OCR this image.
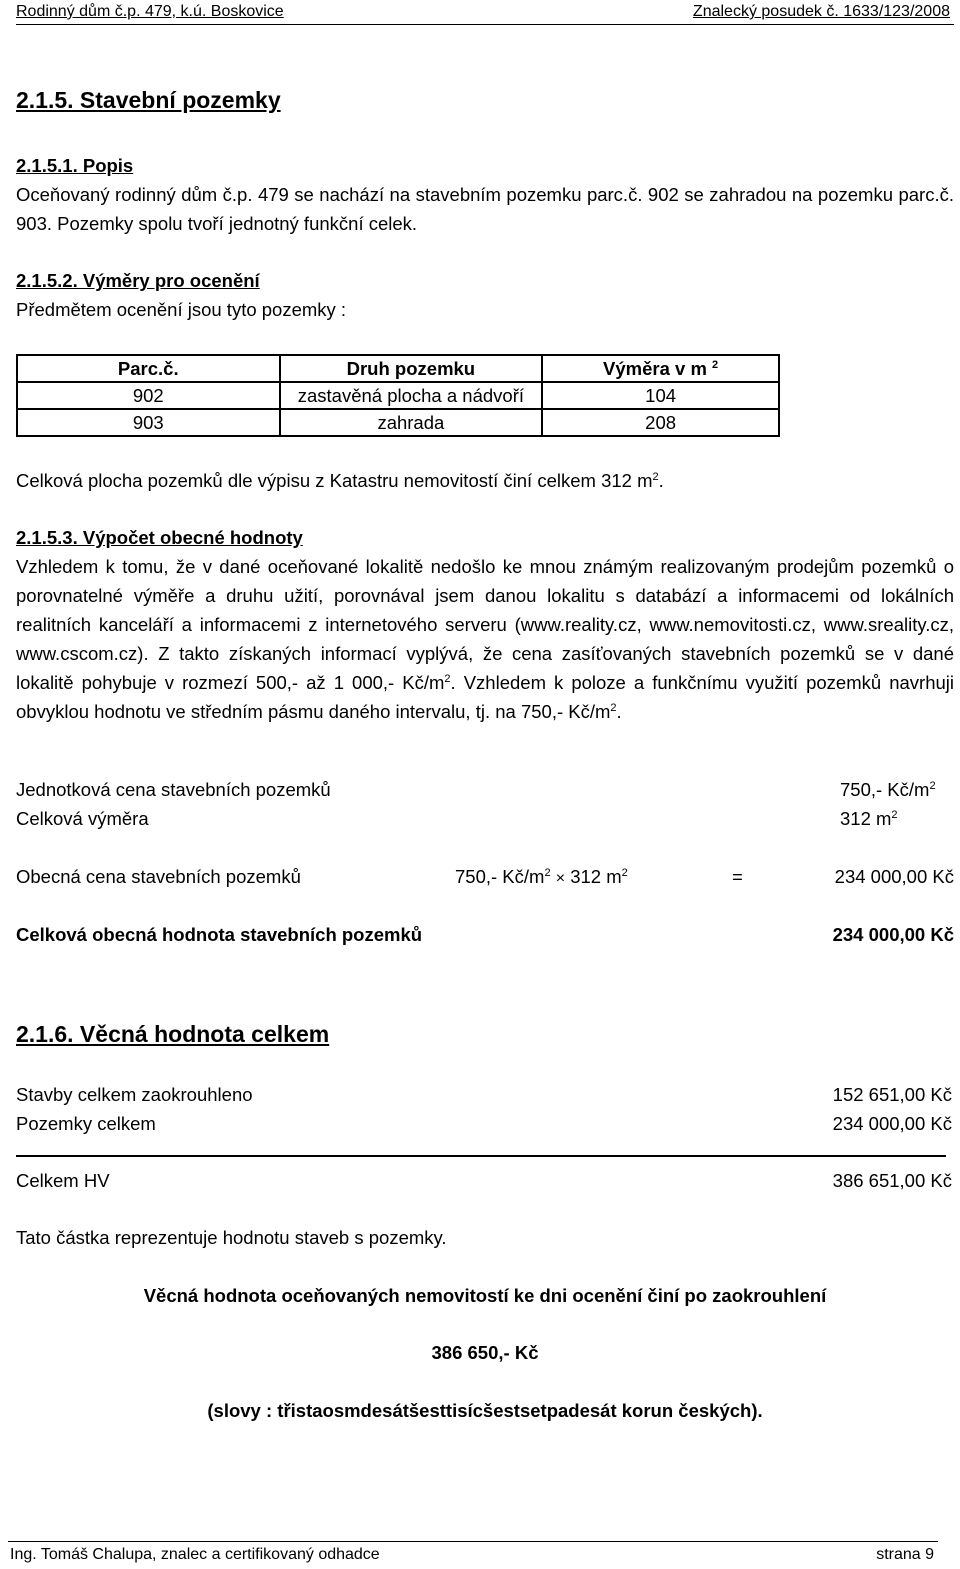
Rodinný dům č.p. 479, k.ú. Boskovice	Znalecký posudek č. 1633/123/2008
2.1.5. Stavební pozemky
2.1.5.1. Popis
Oceňovaný rodinný dům č.p. 479 se nachází na stavebním pozemku parc.č. 902 se zahradou na pozemku parc.č. 903. Pozemky spolu tvoří jednotný funkční celek.
2.1.5.2. Výměry pro ocenění
Předmětem ocenění jsou tyto pozemky :
Parc.č.	Druh pozemku	Výměra v m $^2$
902	zastavěná plocha a nádvoří	104
903	zahrada	208
Celková plocha pozemků dle výpisu z Katastru nemovitostí činí celkem 312 $m^2$.
2.1.5.3. Výpočet obecné hodnoty
Vzhledem k tomu, že v dané oceňované lokalitě nedošlo ke mnou známým realizovaným prodejům pozemků o porovnatelné výměře a druhu užití, porovnával jsem danou lokalitu s databází a informacemi od lokálních realitních kanceláří a informacemi z internetového serveru (www.reality.cz, www.nemovitosti.cz, www.sreality.cz, www.cscom.cz). Z takto získaných informací vyplývá, že cena zasíťovaných stavebních pozemků se v dané lokalitě pohybuje v rozmezí 500,- až 1 000,- $Kč/m^2$. Vzhledem k poloze a funkčnímu využití pozemků navrhuji obvyklou hodnotu ve středním pásmu daného intervalu, tj. na 750,- $Kč/m^2$.
Jednotková cena stavebních pozemků	750,- $Kč/m^2$
Celková výměra	312 $m^2$
Obecná cena stavebních pozemků	750,- $Kč/m^2 \times 312$ $m^2$	=	234 000,00 Kč
Celková obecná hodnota stavebních pozemků	234 000,00 Kč
2.1.6. Věcná hodnota celkem
Stavby celkem zaokrouhleno	152 651,00 Kč
Pozemky celkem	234 000,00 Kč
Celkem HV	386 651,00 Kč
Tato částka reprezentuje hodnotu staveb s pozemky.
Věcná hodnota oceňovaných nemovitostí ke dni ocenění činí po zaokrouhlení
386 650,- Kč
(slovy : třistaosmdesátšesttisícšestsetpadesát korun českých).
Ing. Tomáš Chalupa, znalec a certifikovaný odhadce	strana 9
